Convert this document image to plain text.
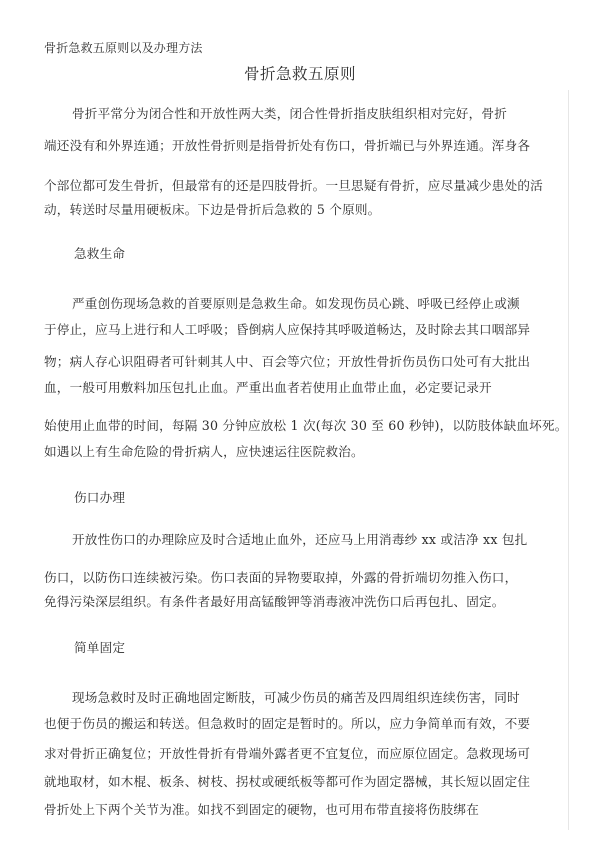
骨折急救五原则以及办理方法
骨折急救五原则
骨折平常分为闭合性和开放性两大类，闭合性骨折指皮肤组织相对完好，骨折
端还没有和外界连通；开放性骨折则是指骨折处有伤口，骨折端已与外界连通。浑身各
个部位都可发生骨折，但最常有的还是四肢骨折。一旦思疑有骨折，应尽量减少患处的活
动，转送时尽量用硬板床。下边是骨折后急救的 5 个原则。
急救生命
严重创伤现场急救的首要原则是急救生命。如发现伤员心跳、呼吸已经停止或濒
于停止，应马上进行和人工呼吸；昏倒病人应保持其呼吸道畅达，及时除去其口咽部异
物；病人存心识阻碍者可针刺其人中、百会等穴位；开放性骨折伤员伤口处可有大批出
血，一般可用敷料加压包扎止血。严重出血者若使用止血带止血，必定要记录开
始使用止血带的时间，每隔 30 分钟应放松 1 次(每次 30 至 60 秒钟)，以防肢体缺血坏死。
如遇以上有生命危险的骨折病人，应快速运往医院救治。
伤口办理
开放性伤口的办理除应及时合适地止血外，还应马上用消毒纱 xx 或洁净 xx 包扎
伤口，以防伤口连续被污染。伤口表面的异物要取掉，外露的骨折端切勿推入伤口，
免得污染深层组织。有条件者最好用高锰酸钾等消毒液冲洗伤口后再包扎、固定。
简单固定
现场急救时及时正确地固定断肢，可减少伤员的痛苦及四周组织连续伤害，同时
也便于伤员的搬运和转送。但急救时的固定是暂时的。所以，应力争简单而有效，不要
求对骨折正确复位；开放性骨折有骨端外露者更不宜复位，而应原位固定。急救现场可
就地取材，如木棍、板条、树枝、拐杖或硬纸板等都可作为固定器械，其长短以固定住
骨折处上下两个关节为准。如找不到固定的硬物，也可用布带直接将伤肢绑在
